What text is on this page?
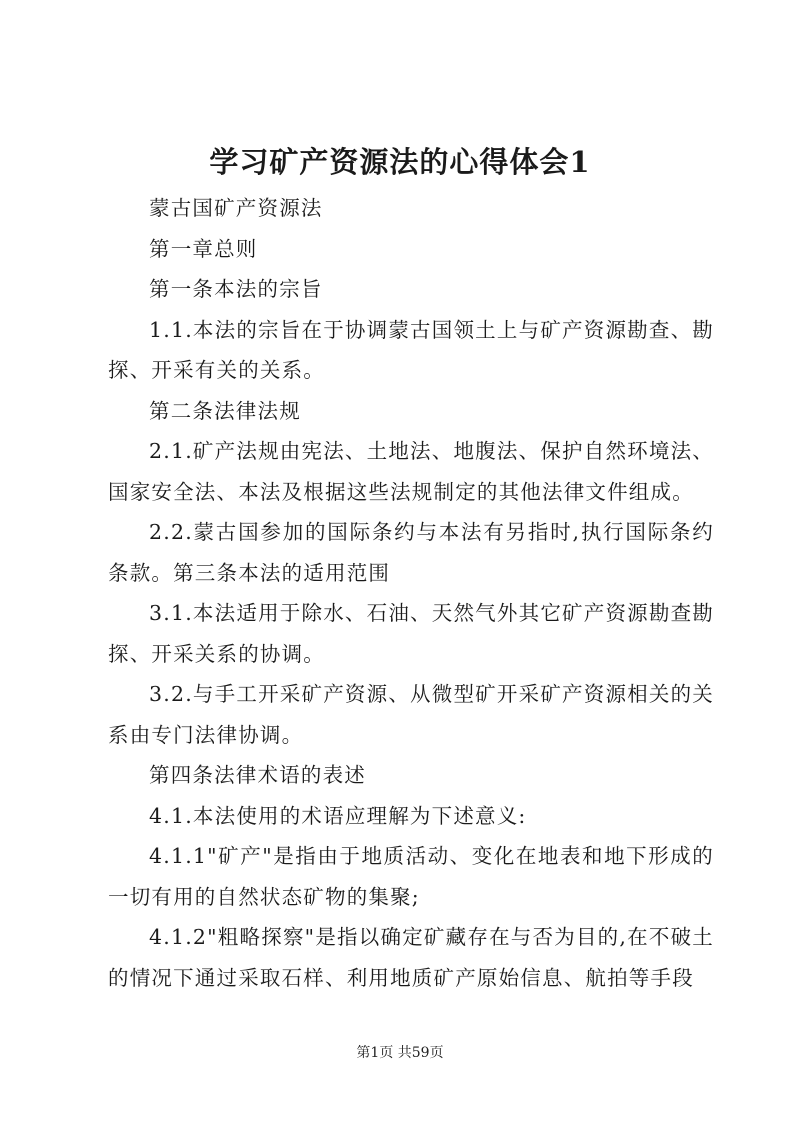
学习矿产资源法的心得体会1

蒙古国矿产资源法

第一章总则

第一条本法的宗旨

1.1.本法的宗旨在于协调蒙古国领土上与矿产资源勘查、勘探、开采有关的关系。

第二条法律法规

2.1.矿产法规由宪法、土地法、地腹法、保护自然环境法、国家安全法、本法及根据这些法规制定的其他法律文件组成。

2.2.蒙古国参加的国际条约与本法有另指时,执行国际条约条款。第三条本法的适用范围

3.1.本法适用于除水、石油、天然气外其它矿产资源勘查勘探、开采关系的协调。

3.2.与手工开采矿产资源、从微型矿开采矿产资源相关的关系由专门法律协调。

第四条法律术语的表述

4.1.本法使用的术语应理解为下述意义:

4.1.1"矿产"是指由于地质活动、变化在地表和地下形成的一切有用的自然状态矿物的集聚;

4.1.2"粗略探察"是指以确定矿藏存在与否为目的,在不破土的情况下通过采取石样、利用地质矿产原始信息、航拍等手段

第1页 共59页
